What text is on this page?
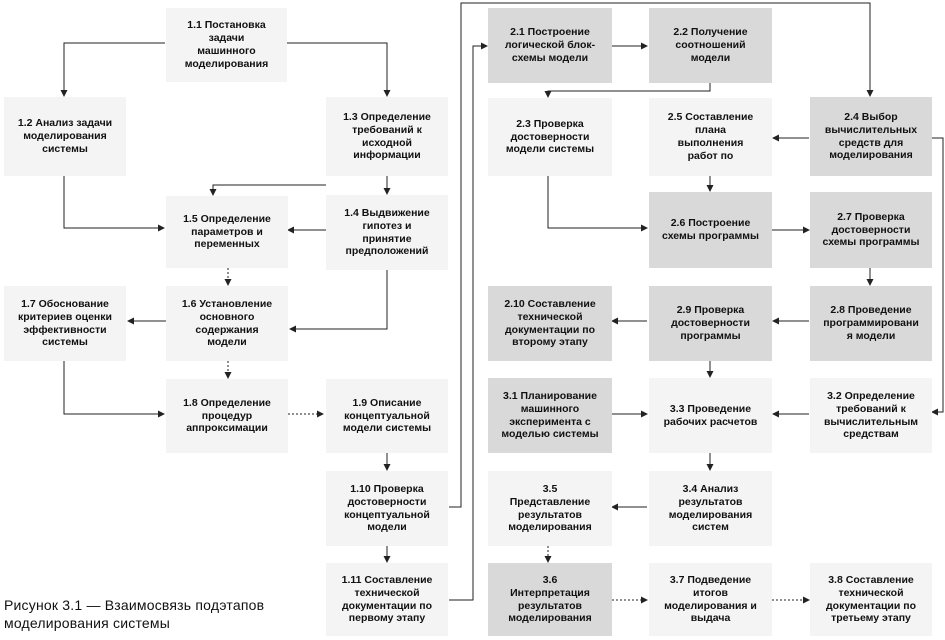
1.1 Постановка
задачи
машинного
моделирования
1.2 Анализ задачи
моделирования
системы
1.3 Определение
требований к
исходной
информации
1.4 Выдвижение
гипотез и
принятие
предположений
1.5 Определение
параметров и
переменных
1.6 Установление
основного
содержания
модели
1.7 Обоснование
критериев оценки
эффективности
системы
1.8 Определение
процедур
аппроксимации
1.9 Описание
концептуальной
модели системы
1.10 Проверка
достоверности
концептуальной
модели
1.11 Составление
технической
документации по
первому этапу
2.1 Построение
логической блок-
схемы модели
2.2 Получение
соотношений
модели
2.3 Проверка
достоверности
модели системы
2.5 Составление
плана
выполнения
работ по
2.4 Выбор
вычислительных
средств для
моделирования
2.6 Построение
схемы программы
2.7 Проверка
достоверности
схемы программы
2.8 Проведение
программировани
я модели
2.9 Проверка
достоверности
программы
2.10 Составление
технической
документации по
второму этапу
3.1 Планирование
машинного
эксперимента с
моделью системы
3.3 Проведение
рабочих расчетов
3.2 Определение
требований к
вычислительным
средствам
3.5
Представление
результатов
моделирования
3.4 Анализ
результатов
моделирования
систем
3.6
Интерпретация
результатов
моделирования
3.7 Подведение
итогов
моделирования и
выдача
3.8 Составление
технической
документации по
третьему этапу
Рисунок 3.1 — Взаимосвязь подэтапов
моделирования системы
